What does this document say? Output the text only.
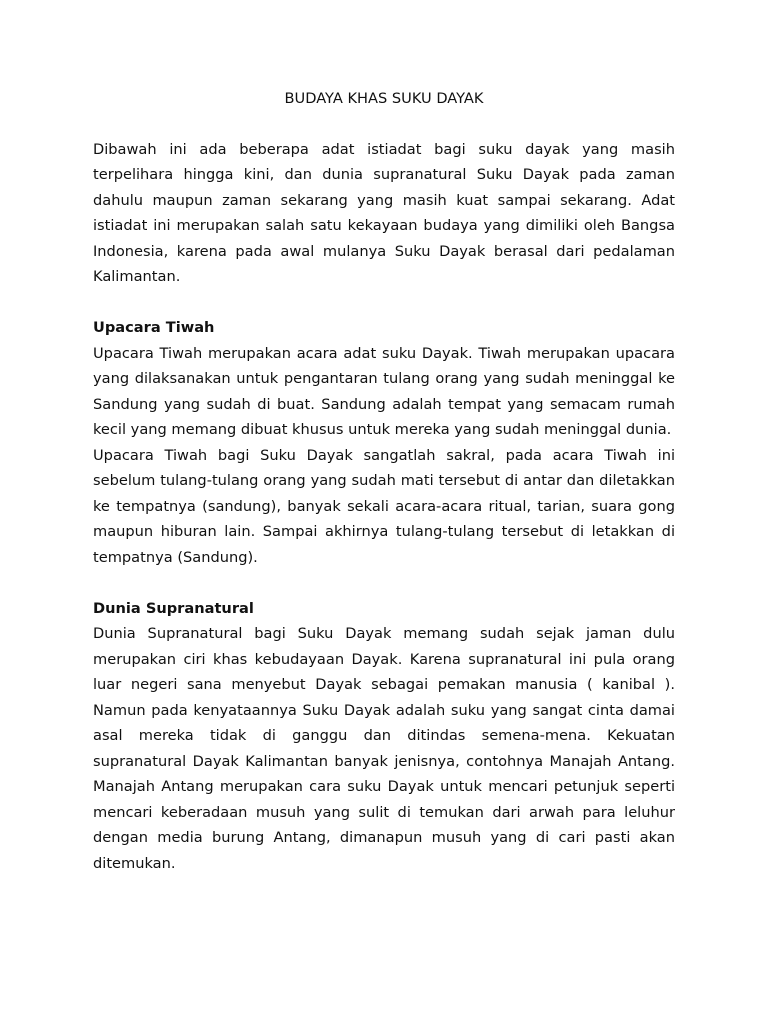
BUDAYA KHAS SUKU DAYAK

Dibawah ini ada beberapa adat istiadat bagi suku dayak yang masih terpelihara hingga kini, dan dunia supranatural Suku Dayak pada zaman dahulu maupun zaman sekarang yang masih kuat sampai sekarang. Adat istiadat ini merupakan salah satu kekayaan budaya yang dimiliki oleh Bangsa Indonesia, karena pada awal mulanya Suku Dayak berasal dari pedalaman Kalimantan.

Upacara Tiwah

Upacara Tiwah merupakan acara adat suku Dayak. Tiwah merupakan upacara yang dilaksanakan untuk pengantaran tulang orang yang sudah meninggal ke Sandung yang sudah di buat. Sandung adalah tempat yang semacam rumah kecil yang memang dibuat khusus untuk mereka yang sudah meninggal dunia.

Upacara Tiwah bagi Suku Dayak sangatlah sakral, pada acara Tiwah ini sebelum tulang-tulang orang yang sudah mati tersebut di antar dan diletakkan ke tempatnya (sandung), banyak sekali acara-acara ritual, tarian, suara gong maupun hiburan lain. Sampai akhirnya tulang-tulang tersebut di letakkan di tempatnya (Sandung).

Dunia Supranatural

Dunia Supranatural bagi Suku Dayak memang sudah sejak jaman dulu merupakan ciri khas kebudayaan Dayak. Karena supranatural ini pula orang luar negeri sana menyebut Dayak sebagai pemakan manusia ( kanibal ). Namun pada kenyataannya Suku Dayak adalah suku yang sangat cinta damai asal mereka tidak di ganggu dan ditindas semena-mena. Kekuatan supranatural Dayak Kalimantan banyak jenisnya, contohnya Manajah Antang. Manajah Antang merupakan cara suku Dayak untuk mencari petunjuk seperti mencari keberadaan musuh yang sulit di temukan dari arwah para leluhur dengan media burung Antang, dimanapun musuh yang di cari pasti akan ditemukan.
